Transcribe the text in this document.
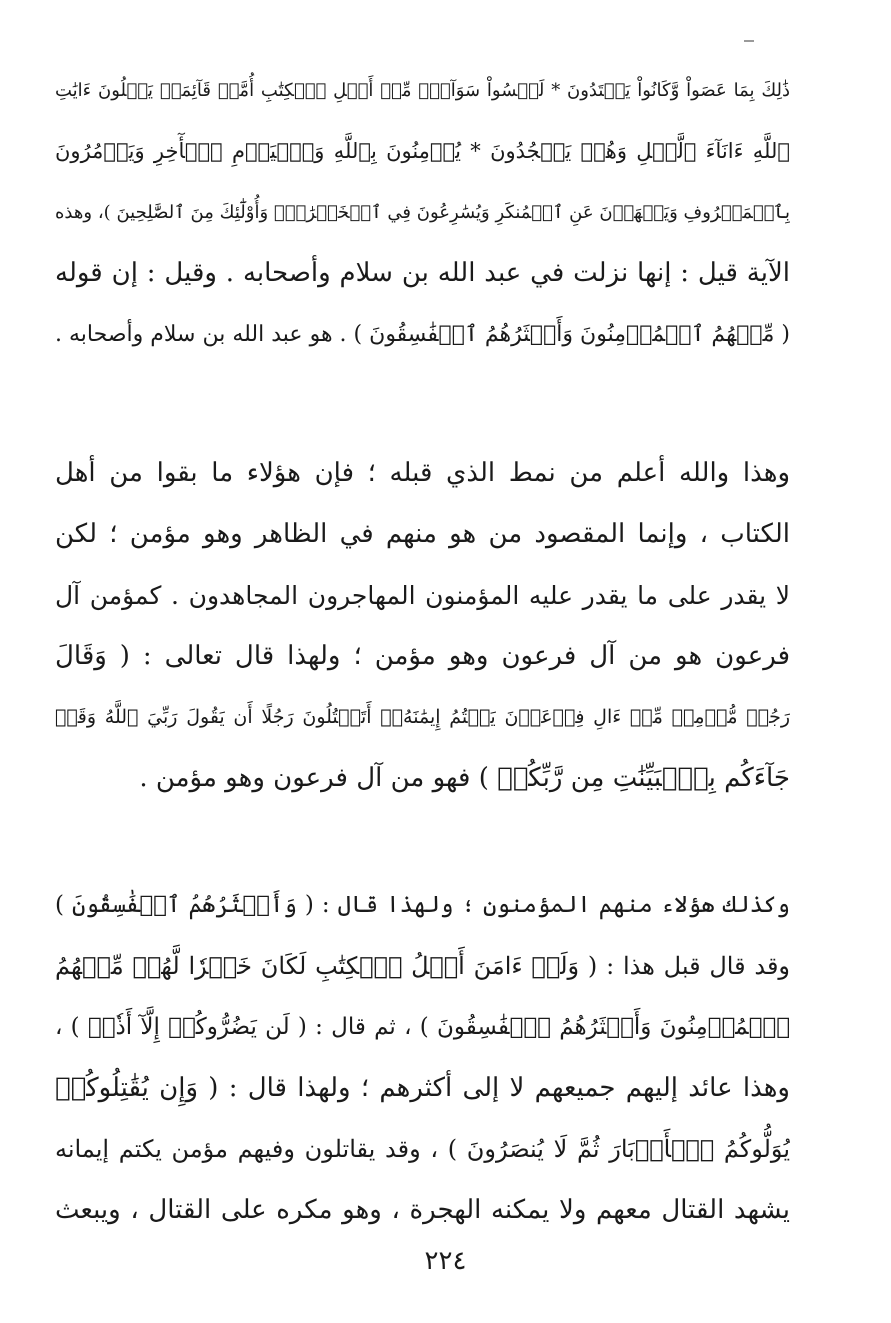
ذَٰلِكَ بِمَا عَصَواْ وَّكَانُواْ يَعۡتَدُونَ * لَيۡسُواْ سَوَآءٗۗ مِّنۡ أَهۡلِ ٱلۡكِتَٰبِ أُمَّةٞ قَآئِمَةٞ يَتۡلُونَ ءَايَٰتِ
ٱللَّهِ ءَانَآءَ ٱلَّيۡلِ وَهُمۡ يَسۡجُدُونَ * يُؤۡمِنُونَ بِٱللَّهِ وَٱلۡيَوۡمِ ٱلۡأٓخِرِ وَيَأۡمُرُونَ
بِٱلۡمَعۡرُوفِ وَيَنۡهَوۡنَ عَنِ ٱلۡمُنكَرِ وَيُسَٰرِعُونَ فِي ٱلۡخَيۡرَٰتِۖ وَأُوْلَٰٓئِكَ مِنَ ٱلصَّٰلِحِينَ )، وهذه
الآية قيل : إنها نزلت في عبد الله بن سلام وأصحابه . وقيل : إن قوله
( مِّنۡهُمُ ٱلۡمُؤۡمِنُونَ وَأَكۡثَرُهُمُ ٱلۡفَٰسِقُونَ ) . هو عبد الله بن سلام وأصحابه .
وهذا والله أعلم من نمط الذي قبله ؛ فإن هؤلاء ما بقوا من أهل
الكتاب ، وإنما المقصود من هو منهم في الظاهر وهو مؤمن ؛ لكن
لا يقدر على ما يقدر عليه المؤمنون المهاجرون المجاهدون . كمؤمن آل
فرعون هو من آل فرعون وهو مؤمن ؛ ولهذا قال تعالى : ( وَقَالَ
رَجُلٞ مُّؤۡمِنٞ مِّنۡ ءَالِ فِرۡعَوۡنَ يَكۡتُمُ إِيمَٰنَهُۥٓ أَتَقۡتُلُونَ رَجُلًا أَن يَقُولَ رَبِّيَ ٱللَّهُ وَقَدۡ
جَآءَكُم بِٱلۡبَيِّنَٰتِ مِن رَّبِّكُمۡ ) فهو من آل فرعون وهو مؤمن .
وكذلك هؤلاء منهم المؤمنون ؛ ولهذا قال : ( وَأَكۡثَرُهُمُ ٱلۡفَٰسِقُونَ )
وقد قال قبل هذا : ( وَلَوۡ ءَامَنَ أَهۡلُ ٱلۡكِتَٰبِ لَكَانَ خَيۡرٗا لَّهُمۚ مِّنۡهُمُ
ٱلۡمُؤۡمِنُونَ وَأَكۡثَرُهُمُ ٱلۡفَٰسِقُونَ ) ، ثم قال : ( لَن يَضُرُّوكُمۡ إِلَّآ أَذٗىۖ ) ،
وهذا عائد إليهم جميعهم لا إلى أكثرهم ؛ ولهذا قال : ( وَإِن يُقَٰتِلُوكُمۡ
يُوَلُّوكُمُ ٱلۡأَدۡبَارَ ثُمَّ لَا يُنصَرُونَ ) ، وقد يقاتلون وفيهم مؤمن يكتم إيمانه
يشهد القتال معهم ولا يمكنه الهجرة ، وهو مكره على القتال ، ويبعث
٢٢٤
